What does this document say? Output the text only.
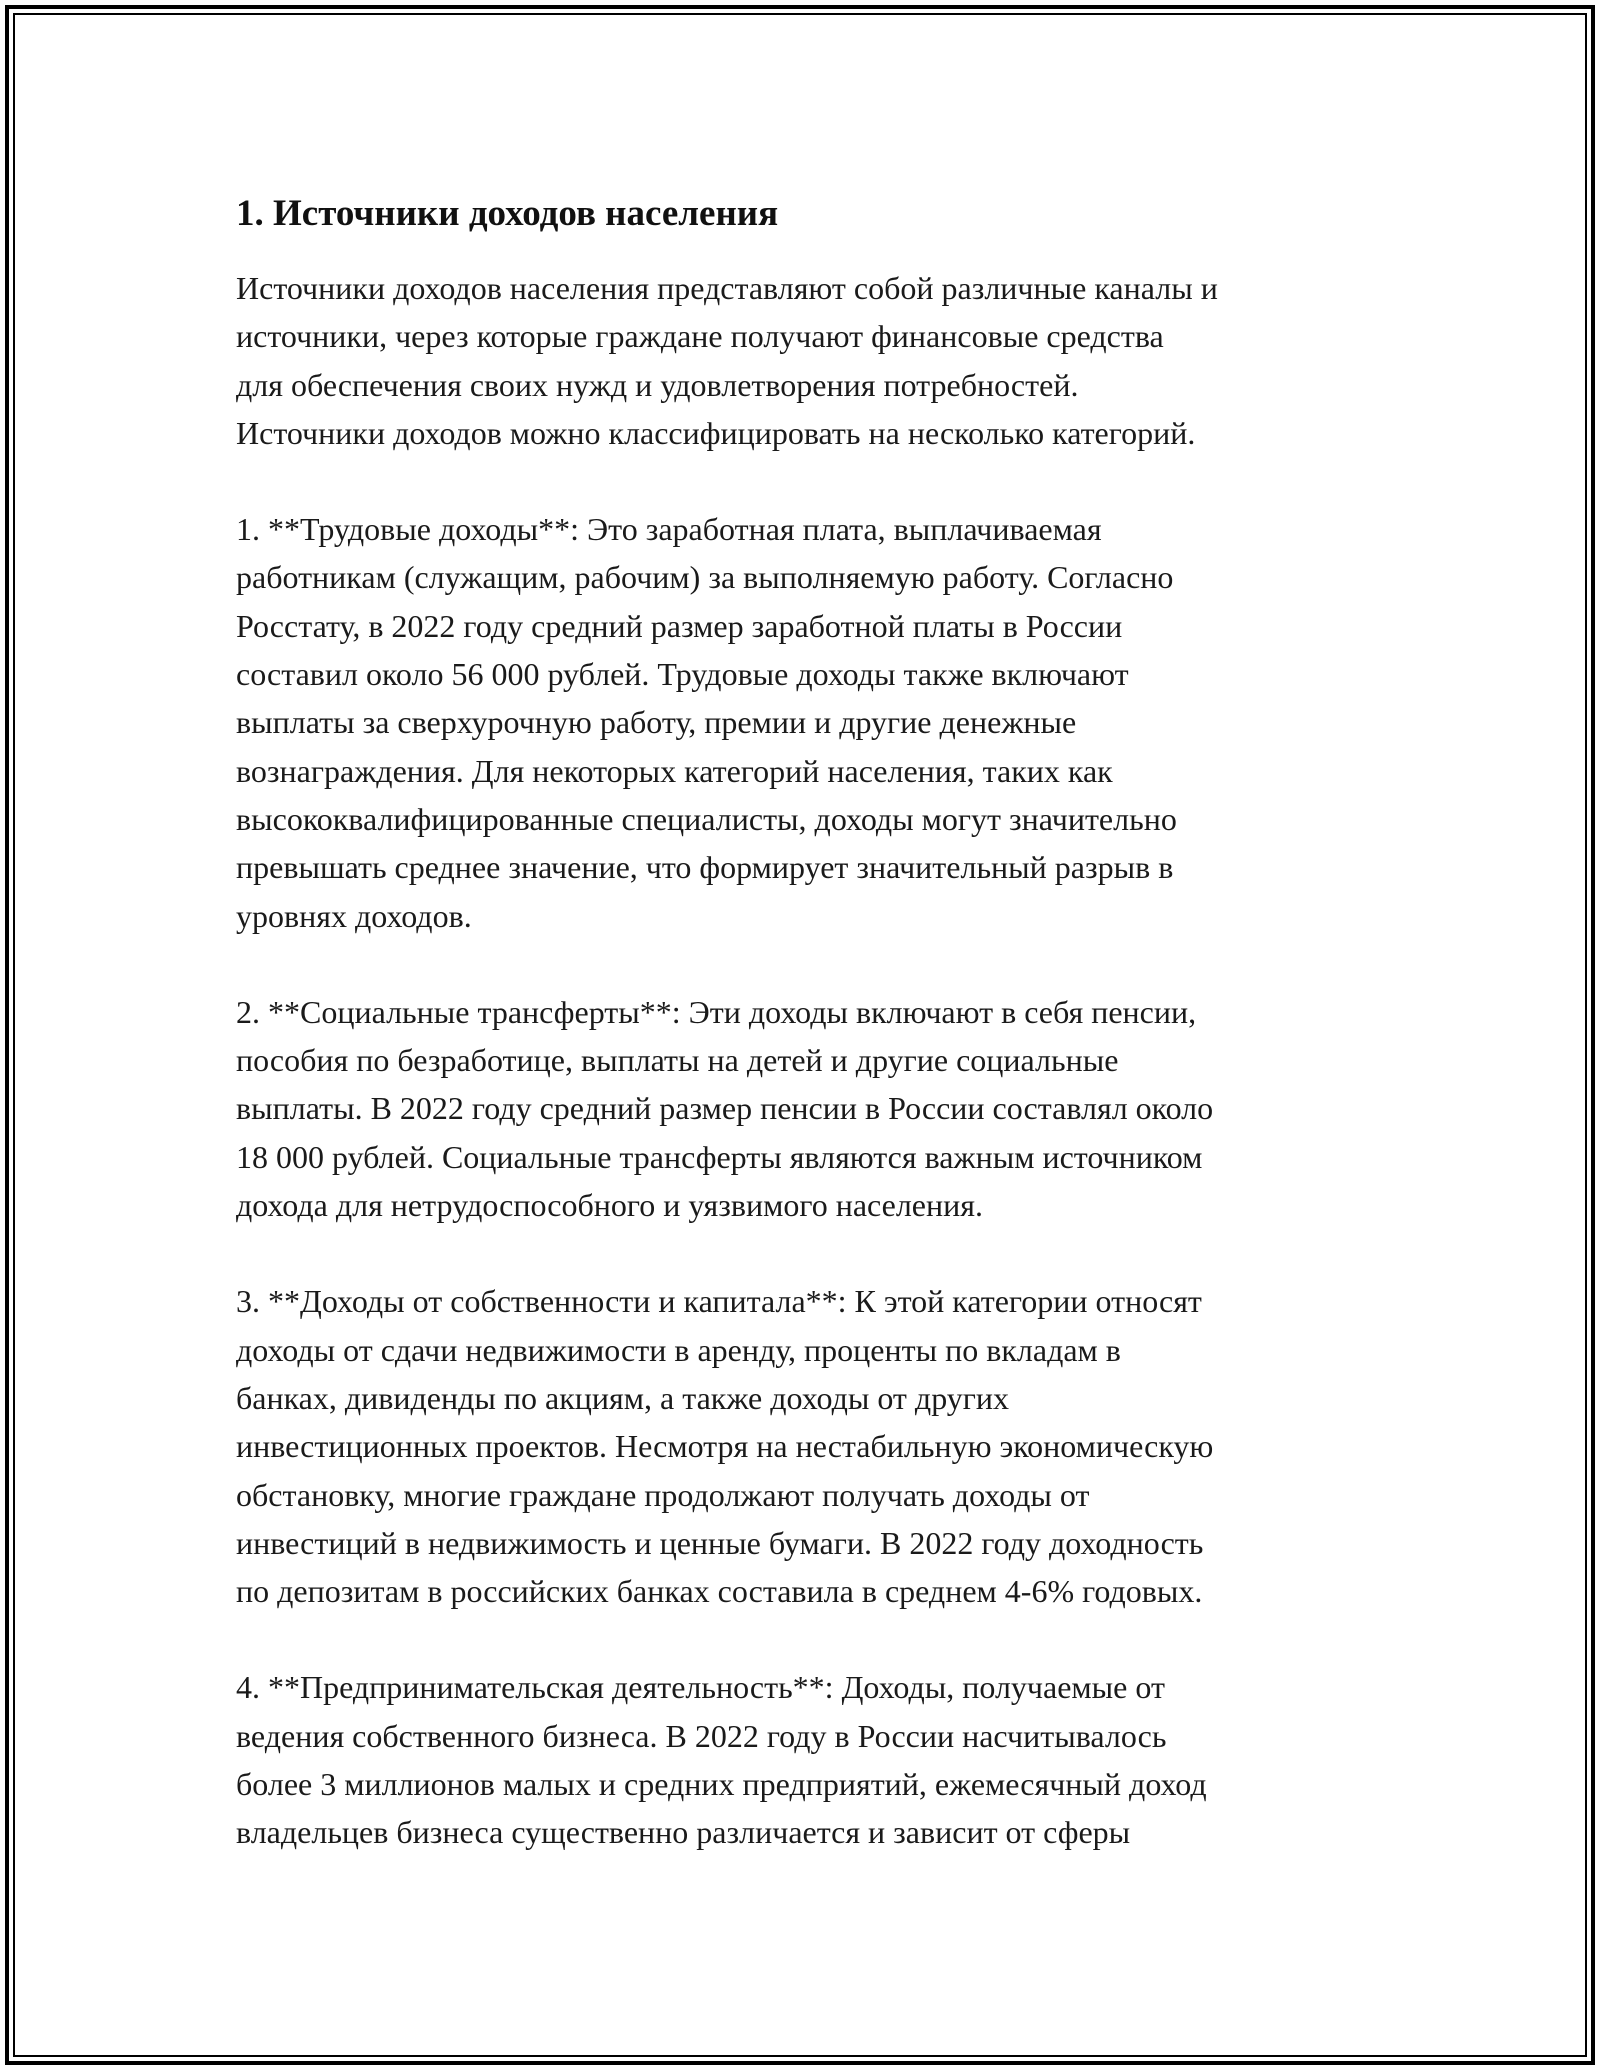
1. Источники доходов населения

Источники доходов населения представляют собой различные каналы и
источники, через которые граждане получают финансовые средства
для обеспечения своих нужд и удовлетворения потребностей.
Источники доходов можно классифицировать на несколько категорий.

1. **Трудовые доходы**: Это заработная плата, выплачиваемая
работникам (служащим, рабочим) за выполняемую работу. Согласно
Росстату, в 2022 году средний размер заработной платы в России
составил около 56 000 рублей. Трудовые доходы также включают
выплаты за сверхурочную работу, премии и другие денежные
вознаграждения. Для некоторых категорий населения, таких как
высококвалифицированные специалисты, доходы могут значительно
превышать среднее значение, что формирует значительный разрыв в
уровнях доходов.

2. **Социальные трансферты**: Эти доходы включают в себя пенсии,
пособия по безработице, выплаты на детей и другие социальные
выплаты. В 2022 году средний размер пенсии в России составлял около
18 000 рублей. Социальные трансферты являются важным источником
дохода для нетрудоспособного и уязвимого населения.

3. **Доходы от собственности и капитала**: К этой категории относят
доходы от сдачи недвижимости в аренду, проценты по вкладам в
банках, дивиденды по акциям, а также доходы от других
инвестиционных проектов. Несмотря на нестабильную экономическую
обстановку, многие граждане продолжают получать доходы от
инвестиций в недвижимость и ценные бумаги. В 2022 году доходность
по депозитам в российских банках составила в среднем 4-6% годовых.

4. **Предпринимательская деятельность**: Доходы, получаемые от
ведения собственного бизнеса. В 2022 году в России насчитывалось
более 3 миллионов малых и средних предприятий, ежемесячный доход
владельцев бизнеса существенно различается и зависит от сферы
